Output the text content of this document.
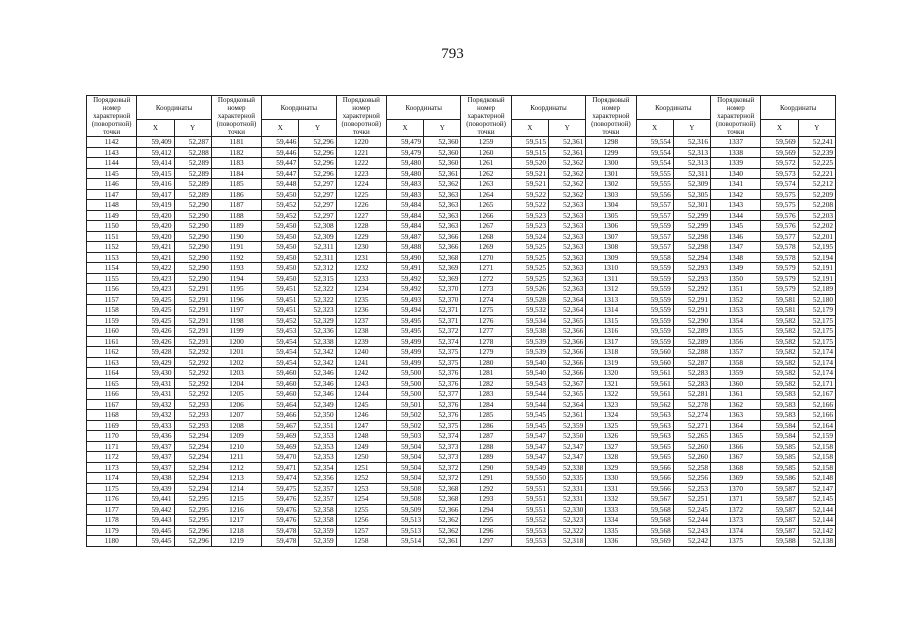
793
Порядковый номер характерной (поворотной) точки	Координаты		Порядковый номер характерной (поворотной) точки	Координаты		Порядковый номер характерной (поворотной) точки	Координаты		Порядковый номер характерной (поворотной) точки	Координаты		Порядковый номер характерной (поворотной) точки	Координаты		Порядковый номер характерной (поворотной) точки	Координаты	
	X	Y		X	Y		X	Y		X	Y		X	Y		X	Y
1142	59,409	52,287	1181	59,446	52,296	1220	59,479	52,360	1259	59,515	52,361	1298	59,554	52,316	1337	59,569	52,241
1143	59,412	52,288	1182	59,446	52,296	1221	59,479	52,360	1260	59,515	52,361	1299	59,554	52,313	1338	59,569	52,239
1144	59,414	52,289	1183	59,447	52,296	1222	59,480	52,360	1261	59,520	52,362	1300	59,554	52,313	1339	59,572	52,225
1145	59,415	52,289	1184	59,447	52,296	1223	59,480	52,361	1262	59,521	52,362	1301	59,555	52,311	1340	59,573	52,221
1146	59,416	52,289	1185	59,448	52,297	1224	59,483	52,362	1263	59,521	52,362	1302	59,555	52,309	1341	59,574	52,212
1147	59,417	52,289	1186	59,450	52,297	1225	59,483	52,363	1264	59,522	52,362	1303	59,556	52,305	1342	59,575	52,209
1148	59,419	52,290	1187	59,452	52,297	1226	59,484	52,363	1265	59,522	52,363	1304	59,557	52,301	1343	59,575	52,208
1149	59,420	52,290	1188	59,452	52,297	1227	59,484	52,363	1266	59,523	52,363	1305	59,557	52,299	1344	59,576	52,203
1150	59,420	52,290	1189	59,450	52,308	1228	59,484	52,363	1267	59,523	52,363	1306	59,559	52,299	1345	59,576	52,202
1151	59,420	52,290	1190	59,450	52,309	1229	59,487	52,366	1268	59,524	52,363	1307	59,557	52,298	1346	59,577	52,201
1152	59,421	52,290	1191	59,450	52,311	1230	59,488	52,366	1269	59,525	52,363	1308	59,557	52,298	1347	59,578	52,195
1153	59,421	52,290	1192	59,450	52,311	1231	59,490	52,368	1270	59,525	52,363	1309	59,558	52,294	1348	59,578	52,194
1154	59,422	52,290	1193	59,450	52,312	1232	59,491	52,369	1271	59,525	52,363	1310	59,559	52,293	1349	59,579	52,191
1155	59,423	52,290	1194	59,450	52,315	1233	59,492	52,369	1272	59,525	52,363	1311	59,559	52,293	1350	59,579	52,191
1156	59,423	52,291	1195	59,451	52,322	1234	59,492	52,370	1273	59,526	52,363	1312	59,559	52,292	1351	59,579	52,189
1157	59,425	52,291	1196	59,451	52,322	1235	59,493	52,370	1274	59,528	52,364	1313	59,559	52,291	1352	59,581	52,180
1158	59,425	52,291	1197	59,451	52,323	1236	59,494	52,371	1275	59,532	52,364	1314	59,559	52,291	1353	59,581	52,179
1159	59,425	52,291	1198	59,452	52,329	1237	59,495	52,371	1276	59,534	52,365	1315	59,559	52,290	1354	59,582	52,175
1160	59,426	52,291	1199	59,453	52,336	1238	59,495	52,372	1277	59,538	52,366	1316	59,559	52,289	1355	59,582	52,175
1161	59,426	52,291	1200	59,454	52,338	1239	59,499	52,374	1278	59,539	52,366	1317	59,559	52,289	1356	59,582	52,175
1162	59,428	52,292	1201	59,454	52,342	1240	59,499	52,375	1279	59,539	52,366	1318	59,560	52,288	1357	59,582	52,174
1163	59,429	52,292	1202	59,454	52,342	1241	59,499	52,375	1280	59,540	52,366	1319	59,560	52,287	1358	59,582	52,174
1164	59,430	52,292	1203	59,460	52,346	1242	59,500	52,376	1281	59,540	52,366	1320	59,561	52,283	1359	59,582	52,174
1165	59,431	52,292	1204	59,460	52,346	1243	59,500	52,376	1282	59,543	52,367	1321	59,561	52,283	1360	59,582	52,171
1166	59,431	52,292	1205	59,460	52,346	1244	59,500	52,377	1283	59,544	52,365	1322	59,561	52,281	1361	59,583	52,167
1167	59,432	52,293	1206	59,464	52,349	1245	59,501	52,376	1284	59,544	52,364	1323	59,562	52,278	1362	59,583	52,166
1168	59,432	52,293	1207	59,466	52,350	1246	59,502	52,376	1285	59,545	52,361	1324	59,563	52,274	1363	59,583	52,166
1169	59,433	52,293	1208	59,467	52,351	1247	59,502	52,375	1286	59,545	52,359	1325	59,563	52,271	1364	59,584	52,164
1170	59,436	52,294	1209	59,469	52,353	1248	59,503	52,374	1287	59,547	52,350	1326	59,563	52,265	1365	59,584	52,159
1171	59,437	52,294	1210	59,469	52,353	1249	59,504	52,373	1288	59,547	52,347	1327	59,565	52,260	1366	59,585	52,158
1172	59,437	52,294	1211	59,470	52,353	1250	59,504	52,373	1289	59,547	52,347	1328	59,565	52,260	1367	59,585	52,158
1173	59,437	52,294	1212	59,471	52,354	1251	59,504	52,372	1290	59,549	52,338	1329	59,566	52,258	1368	59,585	52,158
1174	59,438	52,294	1213	59,474	52,356	1252	59,504	52,372	1291	59,550	52,335	1330	59,566	52,256	1369	59,586	52,148
1175	59,439	52,294	1214	59,475	52,357	1253	59,508	52,368	1292	59,551	52,331	1331	59,566	52,253	1370	59,587	52,147
1176	59,441	52,295	1215	59,476	52,357	1254	59,508	52,368	1293	59,551	52,331	1332	59,567	52,251	1371	59,587	52,145
1177	59,442	52,295	1216	59,476	52,358	1255	59,509	52,366	1294	59,551	52,330	1333	59,568	52,245	1372	59,587	52,144
1178	59,443	52,295	1217	59,476	52,358	1256	59,513	52,362	1295	59,552	52,323	1334	59,568	52,244	1373	59,587	52,144
1179	59,445	52,296	1218	59,478	52,359	1257	59,513	52,362	1296	59,553	52,322	1335	59,568	52,243	1374	59,587	52,142
1180	59,445	52,296	1219	59,478	52,359	1258	59,514	52,361	1297	59,553	52,318	1336	59,569	52,242	1375	59,588	52,138
